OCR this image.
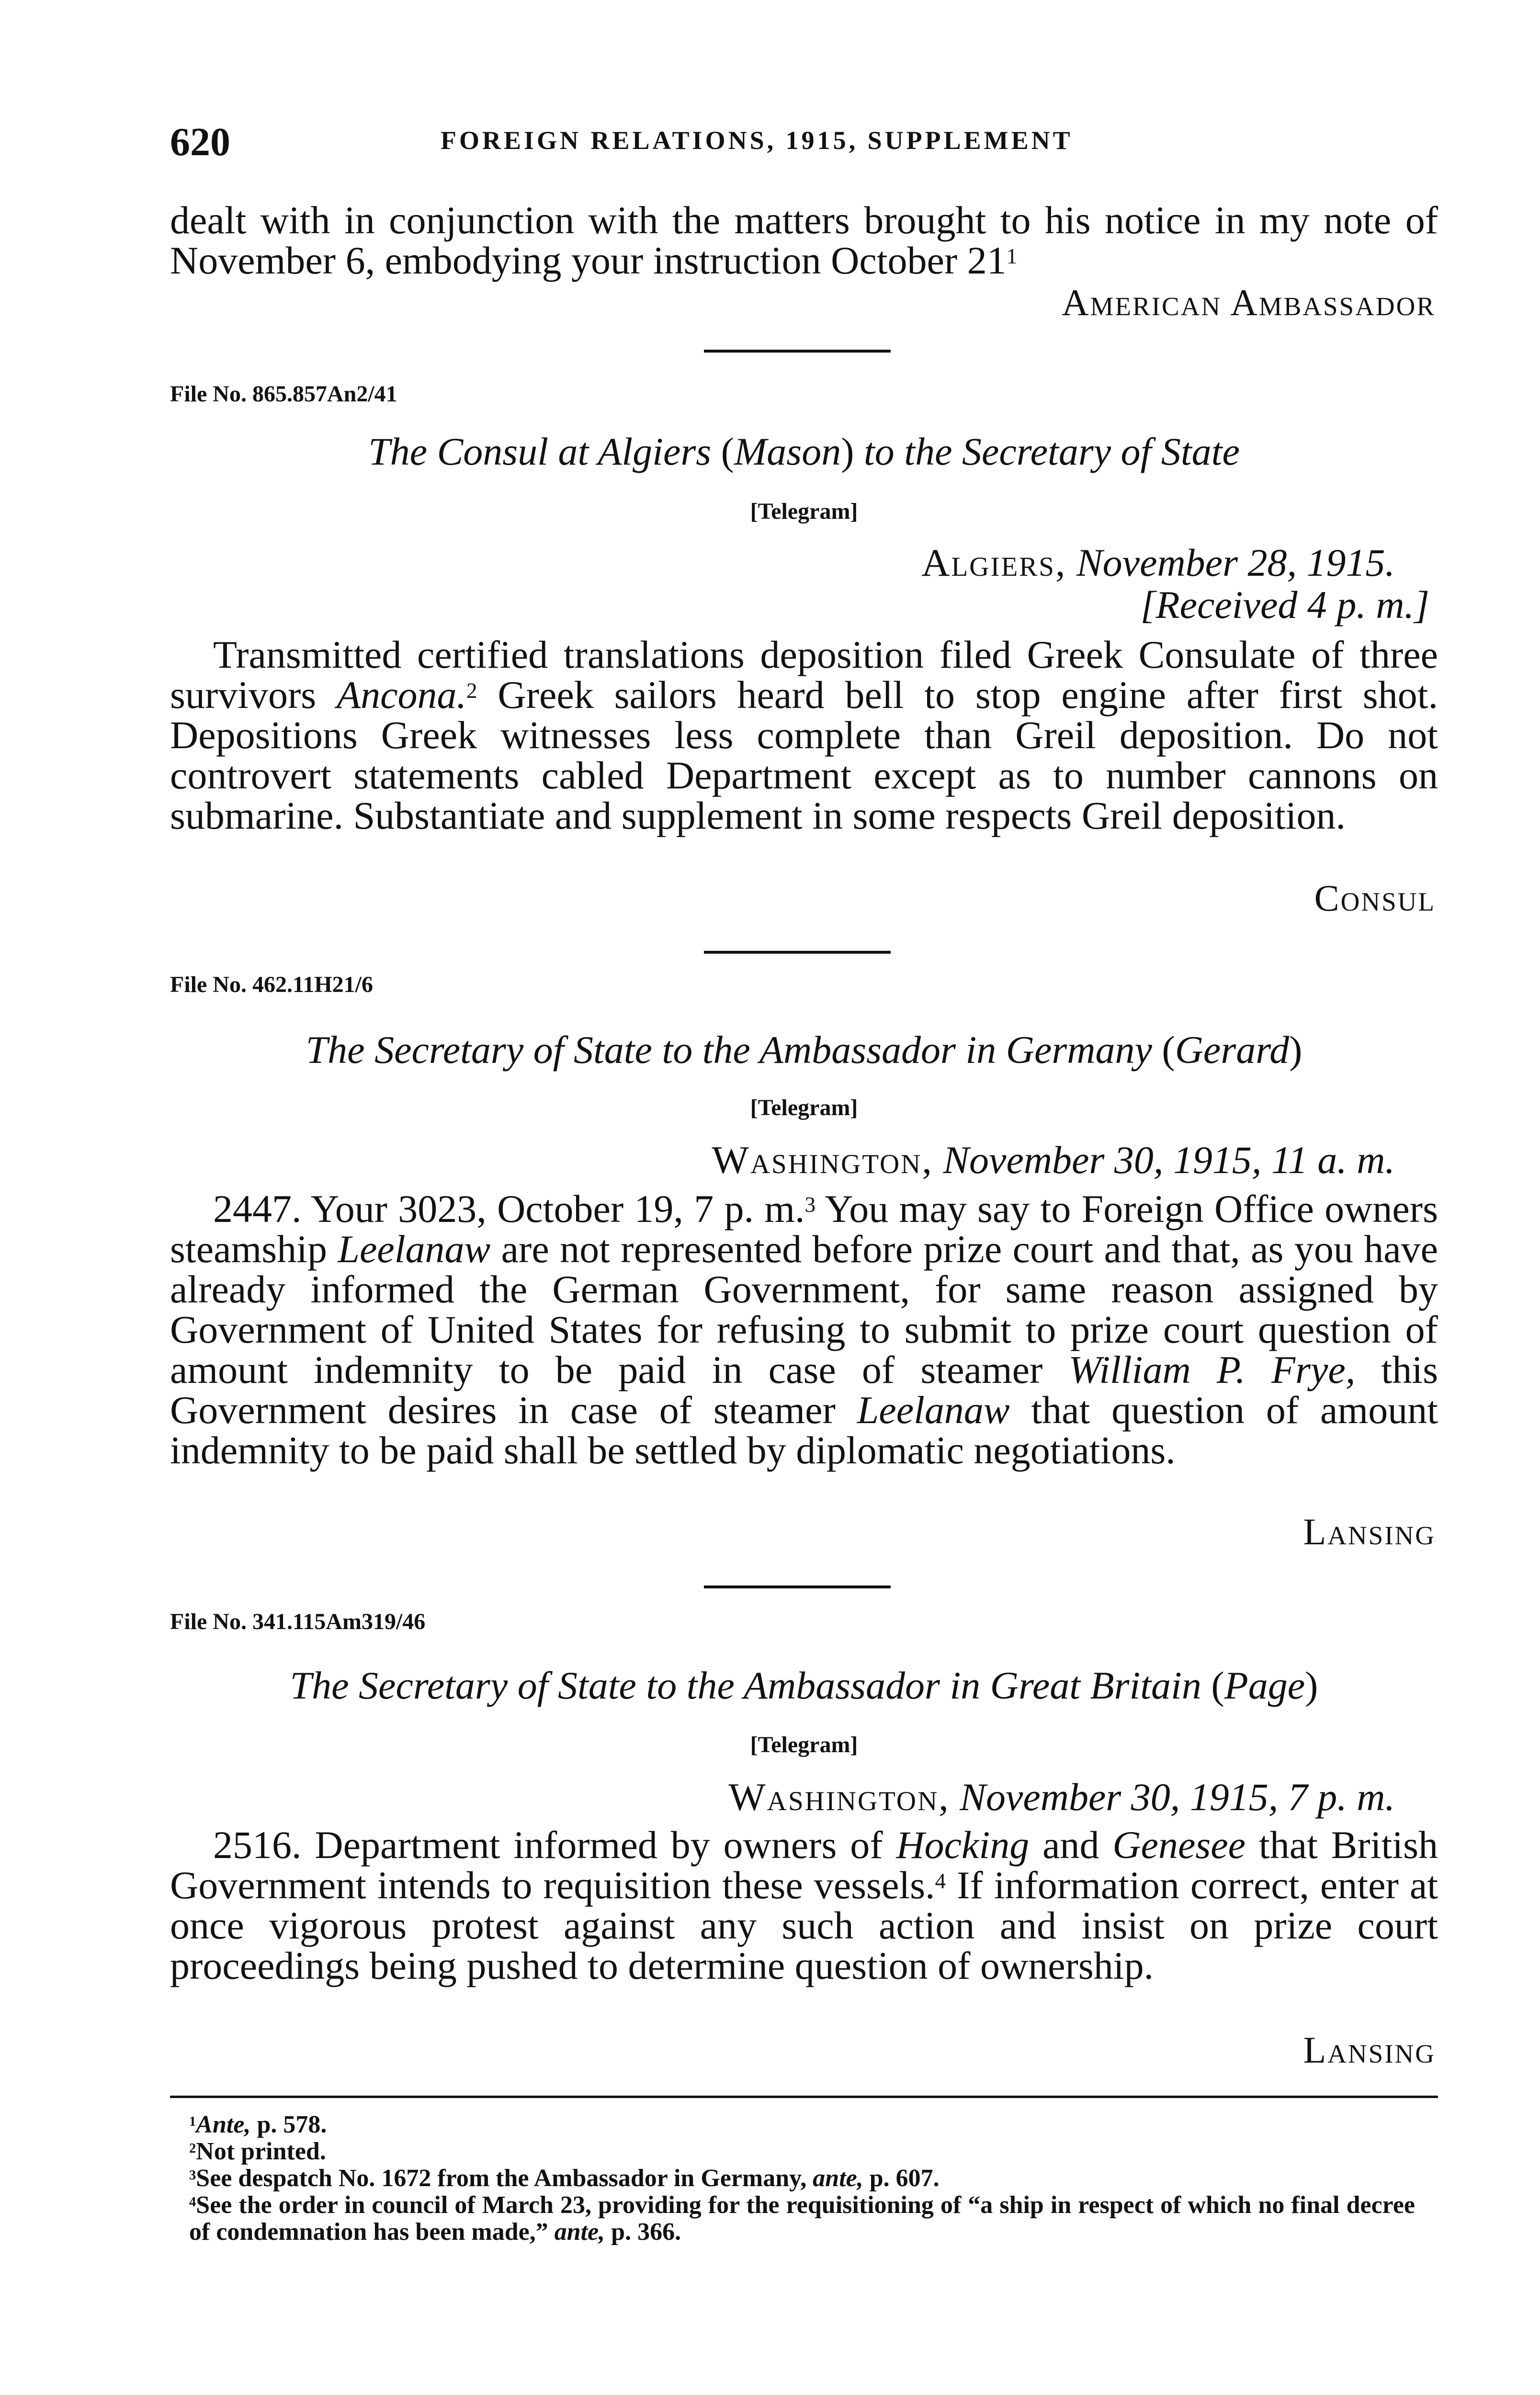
620	FOREIGN RELATIONS, 1915, SUPPLEMENT

dealt with in conjunction with the matters brought to his notice in my note of November 6, embodying your instruction October $21^1$

American Ambassador
File No. 865.857An2/41
The Consul at Algiers (Mason) to the Secretary of State
[Telegram]
Algiers, November 28, 1915.
[Received 4 p. m.]

Transmitted certified translations deposition filed Greek Consulate of three survivors Ancona.$^2$ Greek sailors heard bell to stop engine after first shot. Depositions Greek witnesses less complete than Greil deposition. Do not controvert statements cabled Department except as to number cannons on submarine. Substantiate and supplement in some respects Greil deposition.

Consul
File No. 462.11H21/6
The Secretary of State to the Ambassador in Germany (Gerard)
[Telegram]
Washington, November 30, 1915, 11 a. m.

2447. Your 3023, October 19, 7 p. m.$^3$ You may say to Foreign Office owners steamship Leelanaw are not represented before prize court and that, as you have already informed the German Government, for same reason assigned by Government of United States for refusing to submit to prize court question of amount indemnity to be paid in case of steamer William P. Frye, this Government desires in case of steamer Leelanaw that question of amount indemnity to be paid shall be settled by diplomatic negotiations.

Lansing
File No. 341.115Am319/46
The Secretary of State to the Ambassador in Great Britain (Page)
[Telegram]
Washington, November 30, 1915, 7 p. m.

2516. Department informed by owners of Hocking and Genesee that British Government intends to requisition these vessels.$^4$ If information correct, enter at once vigorous protest against any such action and insist on prize court proceedings being pushed to determine question of ownership.

Lansing

$^1$Ante, p. 578.

$^2$Not printed.

$^3$See despatch No. 1672 from the Ambassador in Germany, ante, p. 607.

$^4$See the order in council of March 23, providing for the requisitioning of “a ship in respect of which no final decree of condemnation has been made,” ante, p. 366.
